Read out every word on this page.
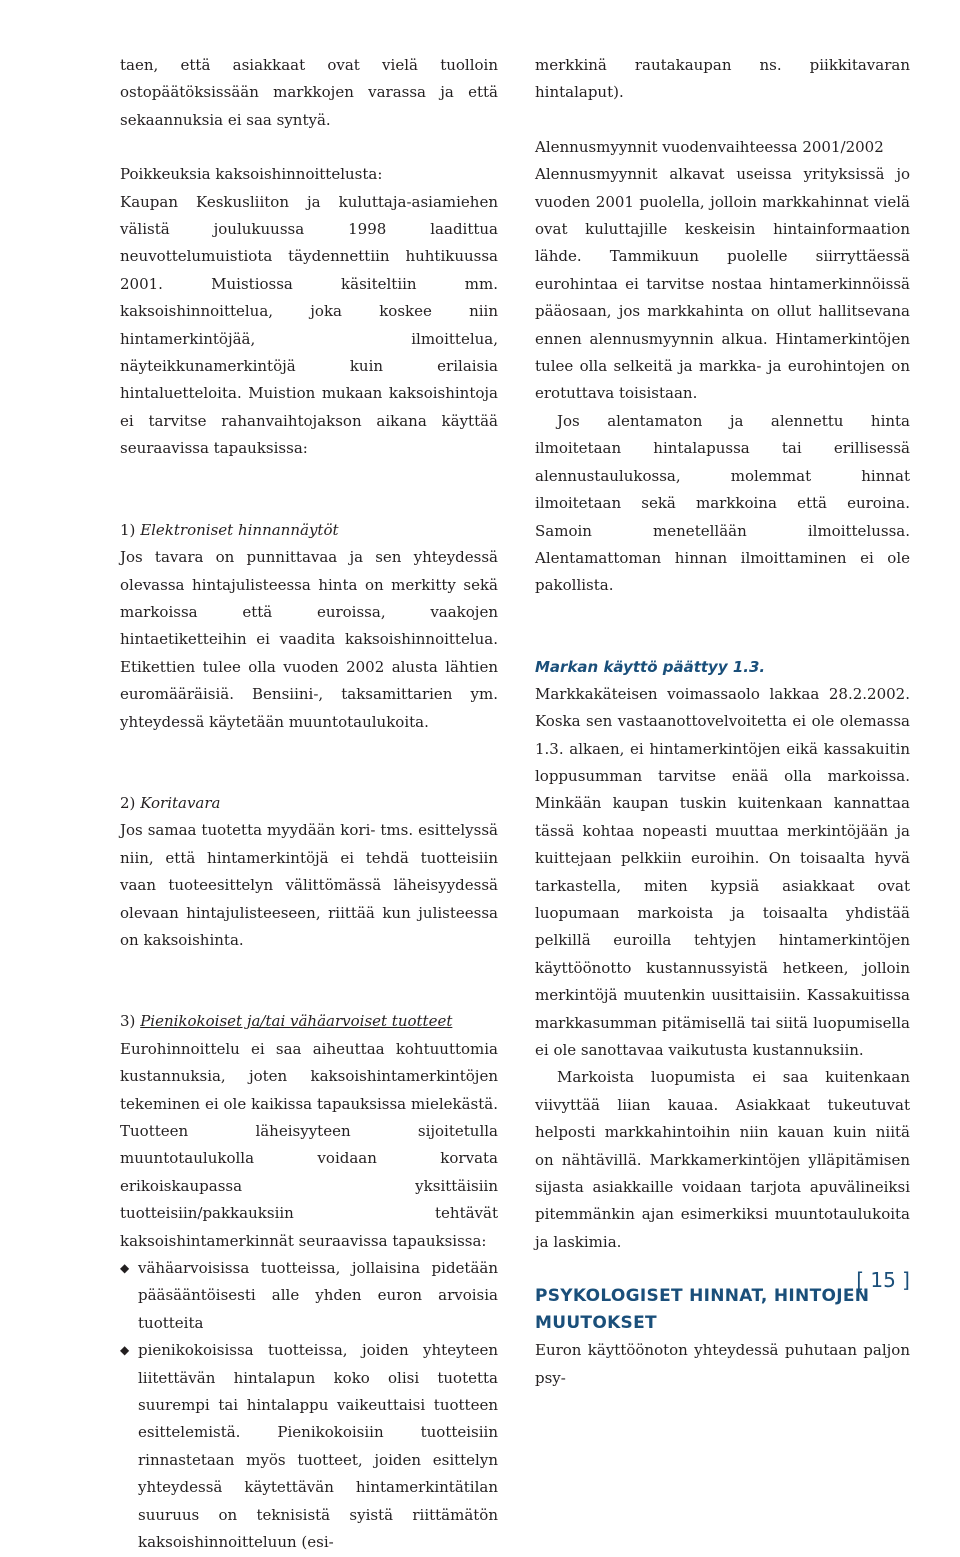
taen, että asiakkaat ovat vielä tuolloin ostopäätöksissään markkojen varassa ja että sekaannuksia ei saa syntyä.

Poikkeuksia kaksoishinnoittelusta:

Kaupan Keskusliiton ja kuluttaja-asiamiehen välistä joulukuussa 1998 laadittua neuvottelumuistiota täydennettiin huhtikuussa 2001. Muistiossa käsiteltiin mm. kaksoishinnoittelua, joka koskee niin hintamerkintöjää, ilmoittelua, näyteikkunamerkintöjä kuin erilaisia hintaluetteloita. Muistion mukaan kaksoishintoja ei tarvitse rahanvaihtojakson aikana käyttää seuraavissa tapauksissa:

1) Elektroniset hinnannäytöt

Jos tavara on punnittavaa ja sen yhteydessä olevassa hintajulisteessa hinta on merkitty sekä markoissa että euroissa, vaakojen hintaetiketteihin ei vaadita kaksoishinnoittelua. Etikettien tulee olla vuoden 2002 alusta lähtien euromääräisiä. Bensiini-, taksamittarien ym. yhteydessä käytetään muuntotaulukoita.

2) Koritavara

Jos samaa tuotetta myydään kori- tms. esittelyssä niin, että hintamerkintöjä ei tehdä tuotteisiin vaan tuoteesittelyn välittömässä läheisyydessä olevaan hintajulisteeseen, riittää kun julisteessa on kaksoishinta.

3) Pienikokoiset ja/tai vähäarvoiset tuotteet

Eurohinnoittelu ei saa aiheuttaa kohtuuttomia kustannuksia, joten kaksoishintamerkintöjen tekeminen ei ole kaikissa tapauksissa mielekästä. Tuotteen läheisyyteen sijoitetulla muuntotaulukolla voidaan korvata erikoiskaupassa yksittäisiin tuotteisiin/pakkauksiin tehtävät kaksoishintamerkinnät seuraavissa tapauksissa:

◆ vähäarvoisissa tuotteissa, jollaisina pidetään pääsääntöisesti alle yhden euron arvoisia tuotteita
◆ pienikokoisissa tuotteissa, joiden yhteyteen liitettävän hintalapun koko olisi tuotetta suurempi tai hintalappu vaikeuttaisi tuotteen esittelemistä. Pienikokoisiin tuotteisiin rinnastetaan myös tuotteet, joiden esittelyn yhteydessä käytettävän hintamerkintätilan suuruus on teknisistä syistä riittämätön kaksoishinnoitteluun (esi-

merkkinä rautakaupan ns. piikkitavaran hintalaput).

Alennusmyynnit vuodenvaihteessa 2001/2002

Alennusmyynnit alkavat useissa yrityksissä jo vuoden 2001 puolella, jolloin markkahinnat vielä ovat kuluttajille keskeisin hintainformaation lähde. Tammikuun puolelle siirryttäessä eurohintaa ei tarvitse nostaa hintamerkinnöissä pääosaan, jos markkahinta on ollut hallitsevana ennen alennusmyynnin alkua. Hintamerkintöjen tulee olla selkeitä ja markka- ja eurohintojen on erotuttava toisistaan.

Jos alentamaton ja alennettu hinta ilmoitetaan hintalapussa tai erillisessä alennustaulukossa, molemmat hinnat ilmoitetaan sekä markkoina että euroina. Samoin menetellään ilmoittelussa. Alentamattoman hinnan ilmoittaminen ei ole pakollista.

Markan käyttö päättyy 1.3.

Markkakäteisen voimassaolo lakkaa 28.2.2002. Koska sen vastaanottovelvoitetta ei ole olemassa 1.3. alkaen, ei hintamerkintöjen eikä kassakuitin loppusumman tarvitse enää olla markoissa. Minkään kaupan tuskin kuitenkaan kannattaa tässä kohtaa nopeasti muuttaa merkintöjään ja kuittejaan pelkkiin euroihin. On toisaalta hyvä tarkastella, miten kypsiä asiakkaat ovat luopumaan markoista ja toisaalta yhdistää pelkillä euroilla tehtyjen hintamerkintöjen käyttöönotto kustannussyistä hetkeen, jolloin merkintöjä muutenkin uusittaisiin. Kassakuitissa markkasumman pitämisellä tai siitä luopumisella ei ole sanottavaa vaikutusta kustannuksiin.

Markoista luopumista ei saa kuitenkaan viivyttää liian kauaa. Asiakkaat tukeutuvat helposti markkahintoihin niin kauan kuin niitä on nähtävillä. Markkamerkintöjen ylläpitämisen sijasta asiakkaille voidaan tarjota apuvälineiksi pitemmänkin ajan esimerkiksi muuntotaulukoita ja laskimia.

PSYKOLOGISET HINNAT, HINTOJEN MUUTOKSET

Euron käyttöönoton yhteydessä puhutaan paljon psy-

[ 15 ]
